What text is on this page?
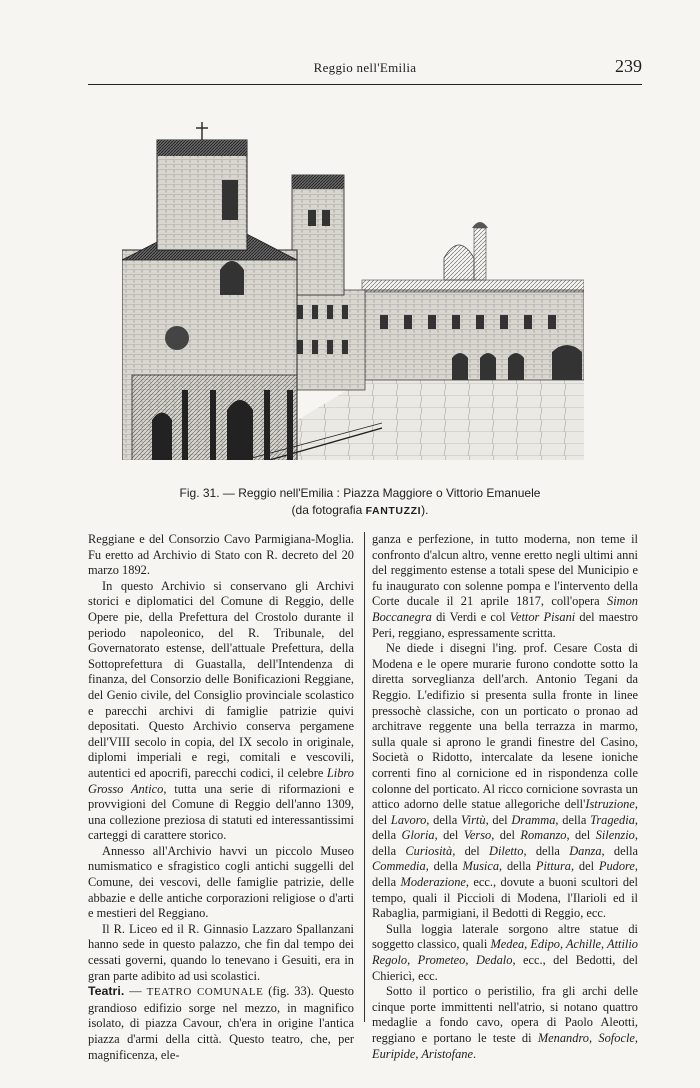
Reggio nell'Emilia	239
Fig. 31. — Reggio nell'Emilia : Piazza Maggiore o Vittorio Emanuele
(da fotografia FANTUZZI).

Reggiane e del Consorzio Cavo Parmigiana-Moglia. Fu eretto ad Archivio di Stato con R. decreto del 20 marzo 1892.

In questo Archivio si conservano gli Archivi storici e diplomatici del Comune di Reggio, delle Opere pie, della Prefettura del Crostolo durante il periodo napoleonico, del R. Tribunale, del Governatorato estense, dell'attuale Prefettura, della Sottoprefettura di Guastalla, dell'Intendenza di finanza, del Consorzio delle Bonificazioni Reggiane, del Genio civile, del Consiglio provinciale scolastico e parecchi archivi di famiglie patrizie quivi depositati. Questo Archivio conserva pergamene dell'VIII secolo in copia, del IX secolo in originale, diplomi imperiali e regi, comitali e vescovili, autentici ed apocrifi, parecchi codici, il celebre Libro Grosso Antico, tutta una serie di riformazioni e provvigioni del Comune di Reggio dell'anno 1309, una collezione preziosa di statuti ed interessantissimi carteggi di carattere storico.

Annesso all'Archivio havvi un piccolo Museo numismatico e sfragistico cogli antichi suggelli del Comune, dei vescovi, delle famiglie patrizie, delle abbazie e delle antiche corporazioni religiose o d'arti e mestieri del Reggiano.

Il R. Liceo ed il R. Ginnasio Lazzaro Spallanzani hanno sede in questo palazzo, che fin dal tempo dei cessati governi, quando lo tenevano i Gesuiti, era in gran parte adibito ad usi scolastici.

Teatri. — TEATRO COMUNALE (fig. 33). Questo grandioso edifizio sorge nel mezzo, in magnifico isolato, di piazza Cavour, ch'era in origine l'antica piazza d'armi della città. Questo teatro, che, per magnificenza, ele-

ganza e perfezione, in tutto moderna, non teme il confronto d'alcun altro, venne eretto negli ultimi anni del reggimento estense a totali spese del Municipio e fu inaugurato con solenne pompa e l'intervento della Corte ducale il 21 aprile 1817, coll'opera Simon Boccanegra di Verdi e col Vettor Pisani del maestro Peri, reggiano, espressamente scritta.

Ne diede i disegni l'ing. prof. Cesare Costa di Modena e le opere murarie furono condotte sotto la diretta sorveglianza dell'arch. Antonio Tegani da Reggio. L'edifizio si presenta sulla fronte in linee pressochè classiche, con un porticato o pronao ad architrave reggente una bella terrazza in marmo, sulla quale si aprono le grandi finestre del Casino, Società o Ridotto, intercalate da lesene ioniche correnti fino al cornicione ed in rispondenza colle colonne del porticato. Al ricco cornicione sovrasta un attico adorno delle statue allegoriche dell'Istruzione, del Lavoro, della Virtù, del Dramma, della Tragedia, della Gloria, del Verso, del Romanzo, del Silenzio, della Curiosità, del Diletto, della Danza, della Commedia, della Musica, della Pittura, del Pudore, della Moderazione, ecc., dovute a buoni scultori del tempo, quali il Piccioli di Modena, l'Ilarioli ed il Rabaglia, parmigiani, il Bedotti di Reggio, ecc.

Sulla loggia laterale sorgono altre statue di soggetto classico, quali Medea, Edipo, Achille, Attilio Regolo, Prometeo, Dedalo, ecc., del Bedotti, del Chiericì, ecc.

Sotto il portico o peristilio, fra gli archi delle cinque porte immittenti nell'atrio, si notano quattro medaglie a fondo cavo, opera di Paolo Aleotti, reggiano e portano le teste di Menandro, Sofocle, Euripide, Aristofane.
